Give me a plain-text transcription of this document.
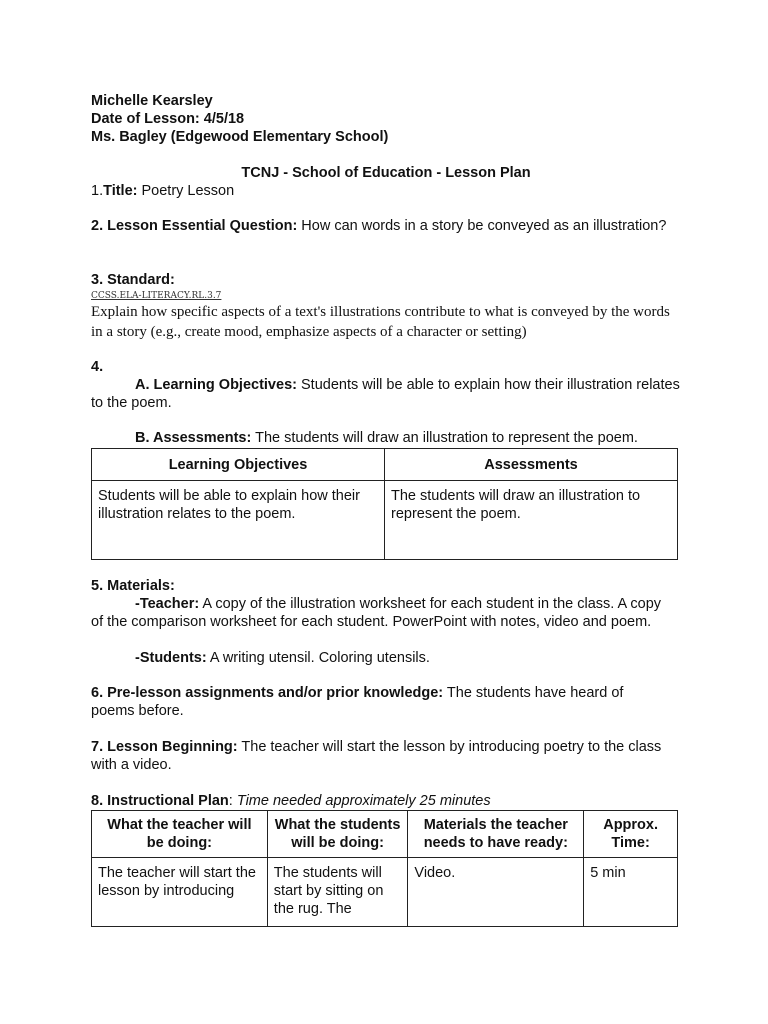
Michelle Kearsley
Date of Lesson: 4/5/18
Ms. Bagley (Edgewood Elementary School)
TCNJ - School of Education - Lesson Plan
1.Title: Poetry Lesson
2. Lesson Essential Question: How can words in a story be conveyed as an illustration?
3. Standard:
CCSS.ELA-LITERACY.RL.3.7
Explain how specific aspects of a text's illustrations contribute to what is conveyed by the words in a story (e.g., create mood, emphasize aspects of a character or setting)
4.
A. Learning Objectives: Students will be able to explain how their illustration relates to the poem.
B. Assessments: The students will draw an illustration to represent the poem.
Learning Objectives	Assessments
Students will be able to explain how their illustration relates to the poem.	The students will draw an illustration to represent the poem.
5. Materials:
-Teacher: A copy of the illustration worksheet for each student in the class. A copy of the comparison worksheet for each student. PowerPoint with notes, video and poem.
-Students: A writing utensil. Coloring utensils.
6. Pre-lesson assignments and/or prior knowledge: The students have heard of poems before.
7. Lesson Beginning: The teacher will start the lesson by introducing poetry to the class with a video.
8. Instructional Plan: Time needed approximately 25 minutes
What the teacher will be doing:	What the students will be doing:	Materials the teacher needs to have ready:	Approx. Time:
The teacher will start the lesson by introducing	The students will start by sitting on the rug. The	Video.	5 min
